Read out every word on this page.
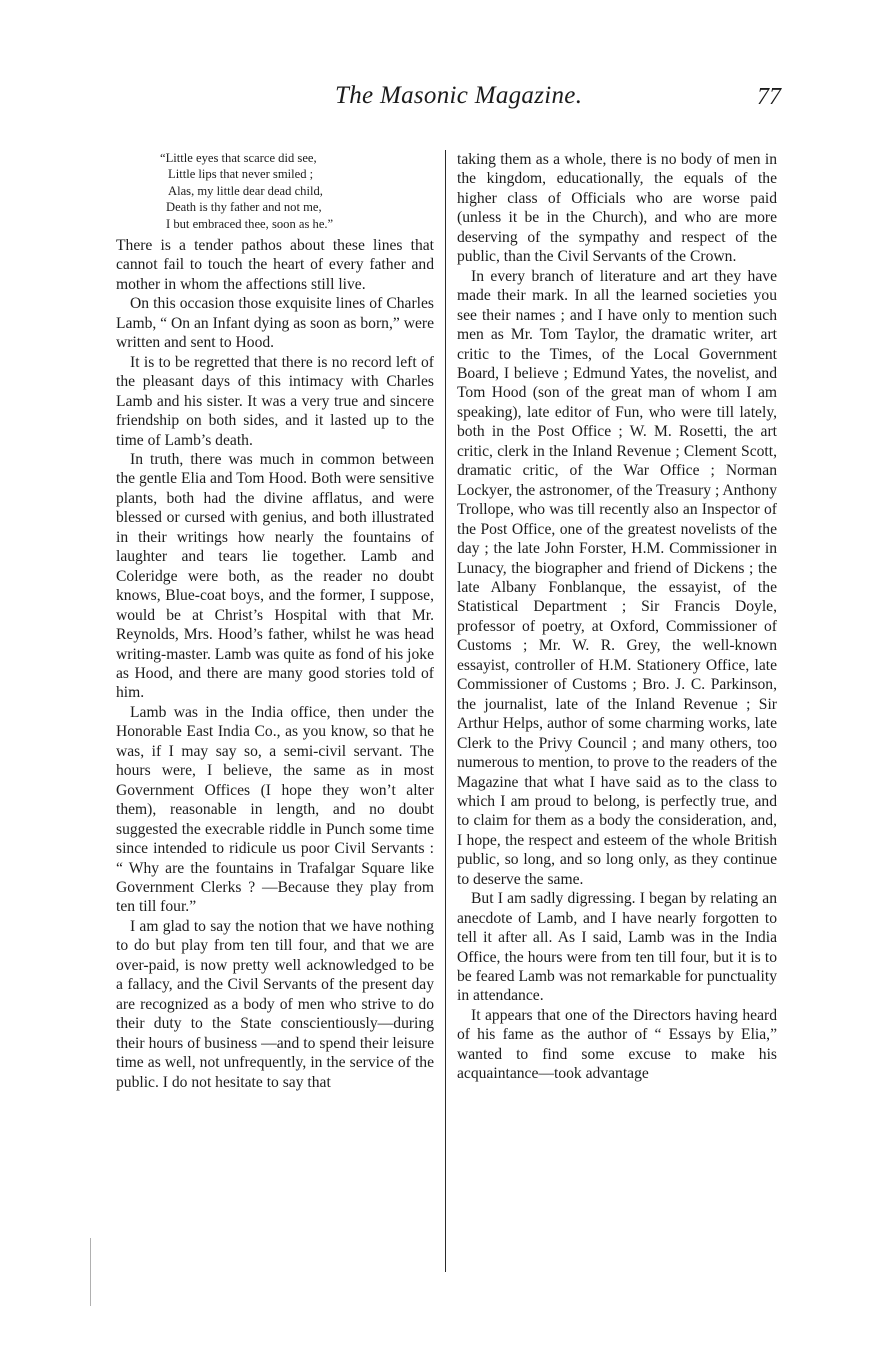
The Masonic Magazine.	77
“Little eyes that scarce did see,
Little lips that never smiled ;
Alas, my little dear dead child,
Death is thy father and not me,
I but embraced thee, soon as he.”

There is a tender pathos about these lines that cannot fail to touch the heart of every father and mother in whom the affections still live.

On this occasion those exquisite lines of Charles Lamb, “ On an Infant dying as soon as born,” were written and sent to Hood.

It is to be regretted that there is no record left of the pleasant days of this intimacy with Charles Lamb and his sister. It was a very true and sincere friendship on both sides, and it lasted up to the time of Lamb’s death.

In truth, there was much in common between the gentle Elia and Tom Hood. Both were sensitive plants, both had the divine afflatus, and were blessed or cursed with genius, and both illustrated in their writings how nearly the fountains of laughter and tears lie together. Lamb and Coleridge were both, as the reader no doubt knows, Blue-coat boys, and the former, I suppose, would be at Christ’s Hospital with that Mr. Reynolds, Mrs. Hood’s father, whilst he was head writing-master. Lamb was quite as fond of his joke as Hood, and there are many good stories told of him.

Lamb was in the India office, then under the Honorable East India Co., as you know, so that he was, if I may say so, a semi-civil servant. The hours were, I believe, the same as in most Government Offices (I hope they won’t alter them), reasonable in length, and no doubt suggested the execrable riddle in Punch some time since intended to ridicule us poor Civil Servants : “ Why are the fountains in Trafalgar Square like Government Clerks ? —Because they play from ten till four.”

I am glad to say the notion that we have nothing to do but play from ten till four, and that we are over-paid, is now pretty well acknowledged to be a fallacy, and the Civil Servants of the present day are recognized as a body of men who strive to do their duty to the State conscientiously—during their hours of business —and to spend their leisure time as well, not unfrequently, in the service of the public. I do not hesitate to say that

taking them as a whole, there is no body of men in the kingdom, educationally, the equals of the higher class of Officials who are worse paid (unless it be in the Church), and who are more deserving of the sympathy and respect of the public, than the Civil Servants of the Crown.

In every branch of literature and art they have made their mark. In all the learned societies you see their names ; and I have only to mention such men as Mr. Tom Taylor, the dramatic writer, art critic to the Times, of the Local Government Board, I believe ; Edmund Yates, the novelist, and Tom Hood (son of the great man of whom I am speaking), late editor of Fun, who were till lately, both in the Post Office ; W. M. Rosetti, the art critic, clerk in the Inland Revenue ; Clement Scott, dramatic critic, of the War Office ; Norman Lockyer, the astronomer, of the Treasury ; Anthony Trollope, who was till recently also an Inspector of the Post Office, one of the greatest novelists of the day ; the late John Forster, H.M. Commissioner in Lunacy, the biographer and friend of Dickens ; the late Albany Fonblanque, the essayist, of the Statistical Department ; Sir Francis Doyle, professor of poetry, at Oxford, Commissioner of Customs ; Mr. W. R. Grey, the well-known essayist, controller of H.M. Stationery Office, late Commissioner of Customs ; Bro. J. C. Parkinson, the journalist, late of the Inland Revenue ; Sir Arthur Helps, author of some charming works, late Clerk to the Privy Council ; and many others, too numerous to mention, to prove to the readers of the Magazine that what I have said as to the class to which I am proud to belong, is perfectly true, and to claim for them as a body the consideration, and, I hope, the respect and esteem of the whole British public, so long, and so long only, as they continue to deserve the same.

But I am sadly digressing. I began by relating an anecdote of Lamb, and I have nearly forgotten to tell it after all. As I said, Lamb was in the India Office, the hours were from ten till four, but it is to be feared Lamb was not remarkable for punctuality in attendance.

It appears that one of the Directors having heard of his fame as the author of “ Essays by Elia,” wanted to find some excuse to make his acquaintance—took advantage
